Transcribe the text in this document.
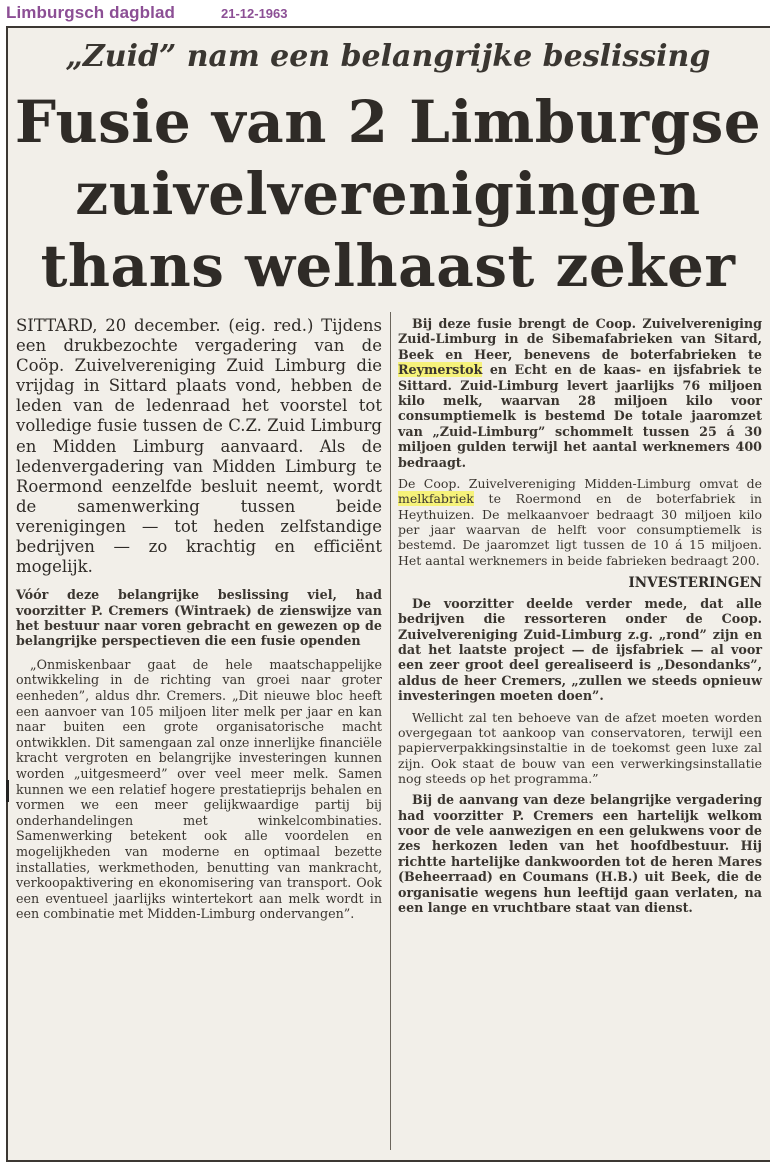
Limburgsch dagblad	21-12-1963
„Zuid” nam een belangrijke beslissing
Fusie van 2 Limburgse
zuivelverenigingen
thans welhaast zeker

SITTARD, 20 december. (eig. red.) Tijdens een drukbezochte vergadering van de Coöp. Zuivelvereniging Zuid Limburg die vrijdag in Sittard plaats vond, hebben de leden van de ledenraad het voorstel tot volledige fusie tussen de C.Z. Zuid Limburg en Midden Limburg aanvaard. Als de ledenvergadering van Midden Limburg te Roermond eenzelfde besluit neemt, wordt de samenwerking tussen beide verenigingen — tot heden zelfstandige bedrijven — zo krachtig en efficiënt mogelijk.

Vóór deze belangrijke beslissing viel, had voorzitter P. Cremers (Wintraek) de zienswijze van het bestuur naar voren gebracht en gewezen op de belangrijke perspectieven die een fusie openden

„Onmiskenbaar gaat de hele maatschappelijke ontwikkeling in de richting van groei naar groter eenheden”, aldus dhr. Cremers. „Dit nieuwe bloc heeft een aanvoer van 105 miljoen liter melk per jaar en kan naar buiten een grote organisatorische macht ontwikklen. Dit samengaan zal onze innerlijke financiële kracht vergroten en belangrijke investeringen kunnen worden „uitgesmeerd” over veel meer melk. Samen kunnen we een relatief hogere prestatieprijs behalen en vormen we een meer gelijkwaardige partij bij onderhandelingen met winkelcombinaties. Samenwerking betekent ook alle voordelen en mogelijkheden van moderne en optimaal bezette installaties, werkmethoden, benutting van mankracht, verkoopaktivering en ekonomisering van transport. Ook een eventueel jaarlijks wintertekort aan melk wordt in een combinatie met Midden-Limburg ondervangen”.

Bij deze fusie brengt de Coop. Zuivelvereniging Zuid-Limburg in de Sibemafabrieken van Sitard, Beek en Heer, benevens de boterfabrieken te Reymerstok en Echt en de kaas- en ijsfabriek te Sittard. Zuid-Limburg levert jaarlijks 76 miljoen kilo melk, waarvan 28 miljoen kilo voor consumptiemelk is bestemd De totale jaaromzet van „Zuid-Limburg” schommelt tussen 25 á 30 miljoen gulden terwijl het aantal werknemers 400 bedraagt.

De Coop. Zuivelvereniging Midden-Limburg omvat de melkfabriek te Roermond en de boterfabriek in Heythuizen. De melkaanvoer bedraagt 30 miljoen kilo per jaar waarvan de helft voor consumptiemelk is bestemd. De jaaromzet ligt tussen de 10 á 15 miljoen. Het aantal werknemers in beide fabrieken bedraagt 200.

INVESTERINGEN

De voorzitter deelde verder mede, dat alle bedrijven die ressorteren onder de Coop. Zuivelvereniging Zuid-Limburg z.g. „rond” zijn en dat het laatste project — de ijsfabriek — al voor een zeer groot deel gerealiseerd is „Desondanks”, aldus de heer Cremers, „zullen we steeds opnieuw investeringen moeten doen”.

Wellicht zal ten behoeve van de afzet moeten worden overgegaan tot aankoop van conservatoren, terwijl een papierverpakkingsinstaltie in de toekomst geen luxe zal zijn. Ook staat de bouw van een verwerkingsinstallatie nog steeds op het programma.”

Bij de aanvang van deze belangrijke vergadering had voorzitter P. Cremers een hartelijk welkom voor de vele aanwezigen en een gelukwens voor de zes herkozen leden van het hoofdbestuur. Hij richtte hartelijke dankwoorden tot de heren Mares (Beheerraad) en Coumans (H.B.) uit Beek, die de organisatie wegens hun leeftijd gaan verlaten, na een lange en vruchtbare staat van dienst.
